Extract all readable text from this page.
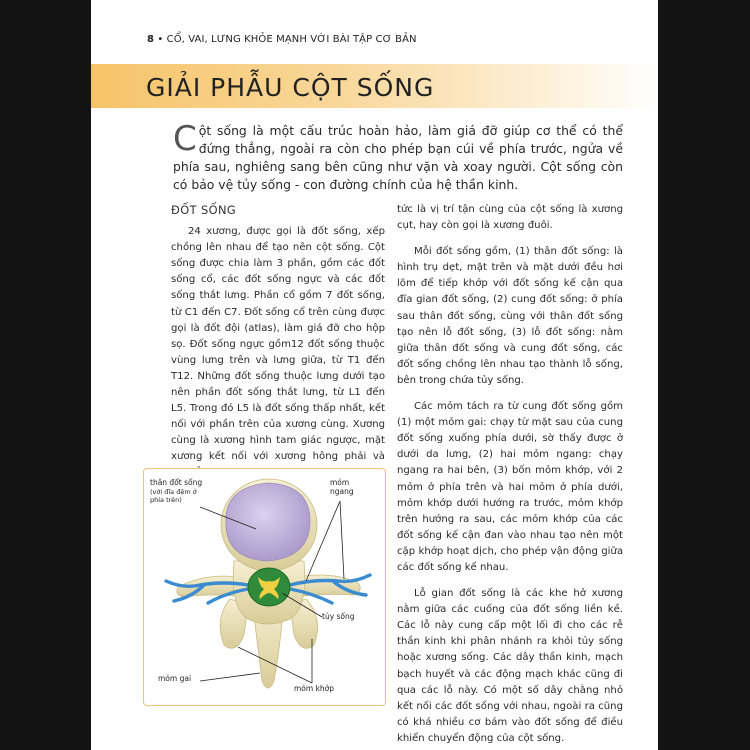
8 • CỔ, VAI, LƯNG KHỎE MẠNH VỚI BÀI TẬP CƠ BẢN
GIẢI PHẪU CỘT SỐNG

Cột sống là một cấu trúc hoàn hảo, làm giá đỡ giúp cơ thể có thể đứng thẳng, ngoài ra còn cho phép bạn cúi về phía trước, ngửa về phía sau, nghiêng sang bên cũng như vặn và xoay người. Cột sống còn có bảo vệ tủy sống - con đường chính của hệ thần kinh.

ĐỐT SỐNG

24 xương, được gọi là đốt sống, xếp chồng lên nhau để tạo nên cột sống. Cột sống được chia làm 3 phần, gồm các đốt sống cổ, các đốt sống ngực và các đốt sống thắt lưng. Phần cổ gồm 7 đốt sống, từ C1 đến C7. Đốt sống cổ trên cùng được gọi là đốt đội (atlas), làm giá đỡ cho hộp sọ. Đốt sống ngực gồm12 đốt sống thuộc vùng lưng trên và lưng giữa, từ T1 đến T12. Những đốt sống thuộc lưng dưới tạo nên phần đốt sống thắt lưng, từ L1 đến L5. Trong đó L5 là đốt sống thấp nhất, kết nối với phần trên của xương cùng. Xương cùng là xương hình tam giác ngược, mặt xương kết nối với xương hông phải và

tức là vị trí tận cùng của cột sống là xương cụt, hay còn gọi là xương đuôi.

Mỗi đốt sống gồm, (1) thân đốt sống: là hình trụ dẹt, mặt trên và mặt dưới đều hơi lõm để tiếp khớp với đốt sống kế cận qua đĩa gian đốt sống, (2) cung đốt sống: ở phía sau thân đốt sống, cùng với thân đốt sống tạo nên lỗ đốt sống, (3) lỗ đốt sống: nằm giữa thân đốt sống và cung đốt sống, các đốt sống chồng lên nhau tạo thành lỗ sống, bên trong chứa tủy sống.

Các mỏm tách ra từ cung đốt sống gồm (1) một mỏm gai: chạy từ mặt sau của cung đốt sống xuống phía dưới, sờ thấy được ở dưới da lưng, (2) hai mỏm ngang: chạy ngang ra hai bên, (3) bốn mỏm khớp, với 2 mỏm ở phía trên và hai mỏm ở phía dưới, mỏm khớp dưới hướng ra trước, mỏm khớp trên hướng ra sau, các mỏm khớp của các đốt sống kế cận đan vào nhau tạo nên một cặp khớp hoạt dịch, cho phép vận động giữa các đốt sống kế nhau.

Lỗ gian đốt sống là các khe hở xương nằm giữa các cuống của đốt sống liền kề. Các lỗ này cung cấp một lối đi cho các rễ thần kinh khi phân nhánh ra khỏi tủy sống hoặc xương sống. Các dây thần kinh, mạch bạch huyết và các động mạch khác cũng đi qua các lỗ này. Có một số dây chằng nhỏ kết nối các đốt sống với nhau, ngoài ra cũng có khá nhiều cơ bám vào đốt sống để điều khiển chuyển động của cột sống.

thân đốt sống
(với đĩa đệm ở phía trên)
mỏm ngang
tủy sống
mỏm gai
mỏm khớp
